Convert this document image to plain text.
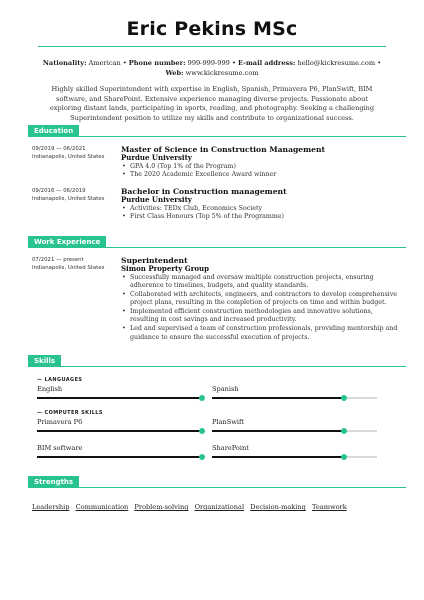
Eric Pekins MSc
Nationality: American • Phone number: 999-999-999 • E-mail address: hello@kickresume.com •
Web: www.kickresume.com
Highly skilled Superintendent with expertise in English, Spanish, Primavera P6, PlanSwift, BIM software, and SharePoint. Extensive experience managing diverse projects. Passionate about exploring distant lands, participating in sports, reading, and photography. Seeking a challenging Superintendent position to utilize my skills and contribute to organizational success.
Education
09/2019 — 06/2021
Indianapolis, United States
Master of Science in Construction Management
Purdue University
• GPA 4.0 (Top 1% of the Program)
• The 2020 Academic Excellence Award winner
09/2016 — 06/2019
Indianapolis, United States
Bachelor in Construction management
Purdue University
• Activities: TEDx Club, Economics Society
• First Class Honours (Top 5% of the Programme)
Work Experience
07/2021 — present
Indianapolis, United States
Superintendent
Simon Property Group
• Successfully managed and oversaw multiple construction projects, ensuring adherence to timelines, budgets, and quality standards.
• Collaborated with architects, engineers, and contractors to develop comprehensive project plans, resulting in the completion of projects on time and within budget.
• Implemented efficient construction methodologies and innovative solutions, resulting in cost savings and increased productivity.
• Led and supervised a team of construction professionals, providing mentorship and guidance to ensure the successful execution of projects.
Skills
— LANGUAGES
English	Spanish
— COMPUTER SKILLS
Primavera P6	PlanSwift
BIM software	SharePoint
Strengths
Leadership Communication Problem-solving Organizational Decision-making Teamwork
